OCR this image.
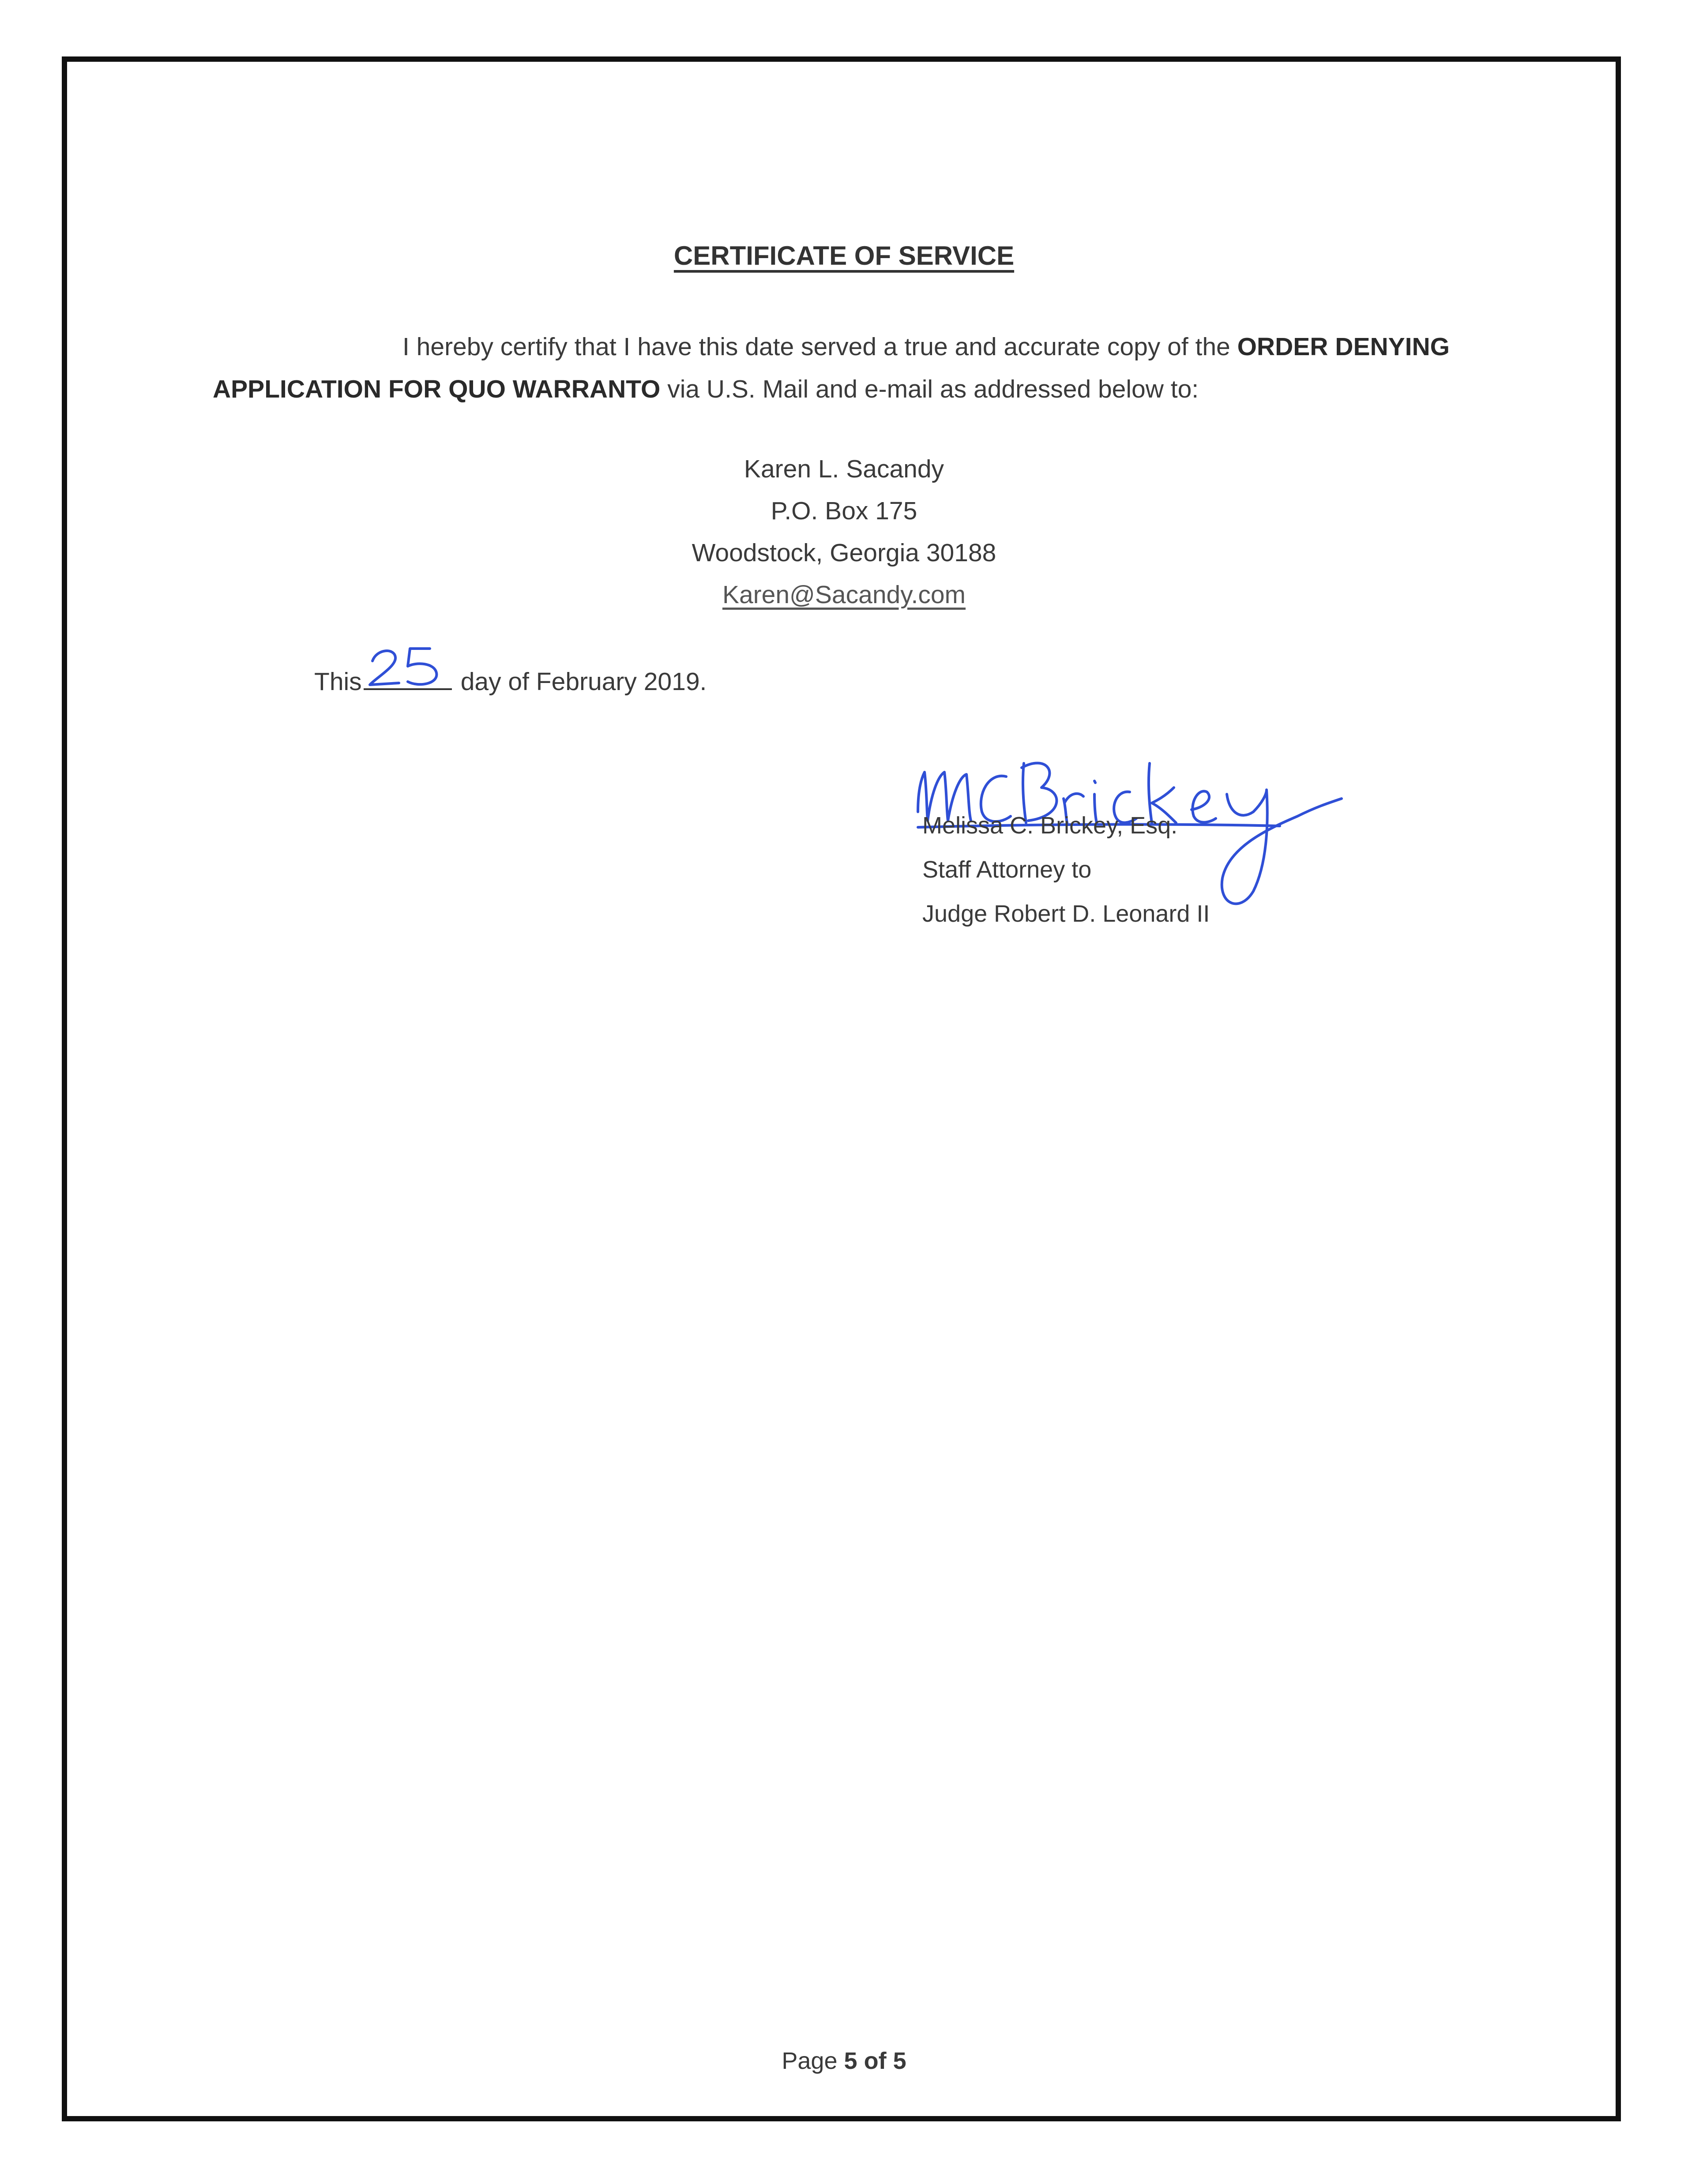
CERTIFICATE OF SERVICE
I hereby certify that I have this date served a true and accurate copy of the ORDER DENYING APPLICATION FOR QUO WARRANTO via U.S. Mail and e-mail as addressed below to:
Karen L. Sacandy
P.O. Box 175
Woodstock, Georgia 30188
Karen@Sacandy.com
This	day of February 2019.
Melissa C. Brickey, Esq.
Staff Attorney to
Judge Robert D. Leonard II
Page 5 of 5
